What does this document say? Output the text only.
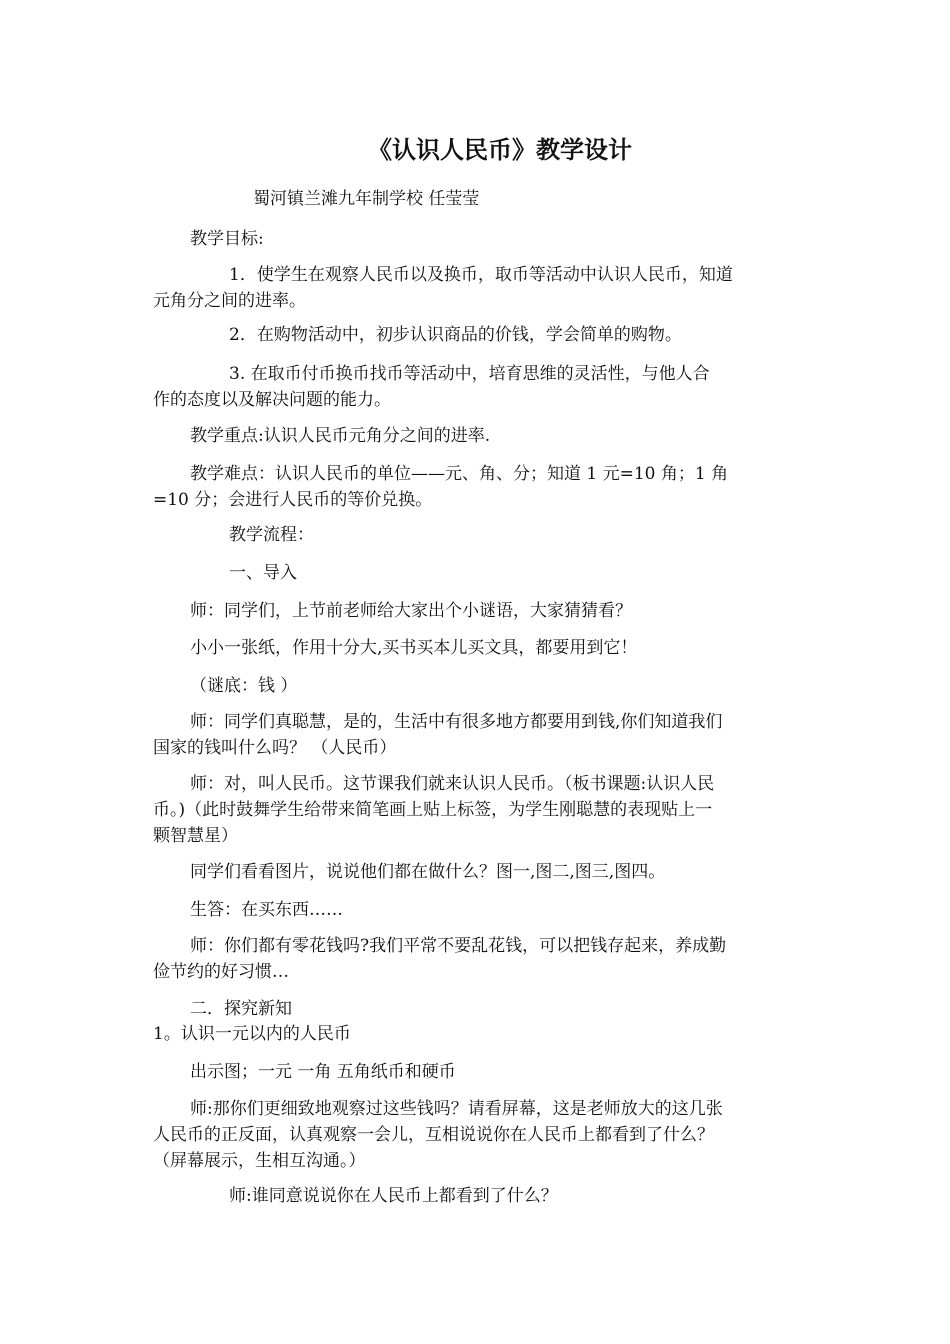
《认识人民币》教学设计
蜀河镇兰滩九年制学校 任莹莹
教学目标:
1．使学生在观察人民币以及换币，取币等活动中认识人民币，知道
元角分之间的进率。
2．在购物活动中，初步认识商品的价钱，学会简单的购物。
3. 在取币付币换币找币等活动中，培育思维的灵活性，与他人合
作的态度以及解决问题的能力。
教学重点:认识人民币元角分之间的进率.
教学难点：认识人民币的单位——元、角、分；知道 1 元=10 角；1 角
=10 分；会进行人民币的等价兑换。
教学流程：
一、导入
师：同学们，上节前老师给大家出个小谜语，大家猜猜看？
小小一张纸，作用十分大,买书买本儿买文具，都要用到它！
（谜底：钱 ）
师：同学们真聪慧，是的，生活中有很多地方都要用到钱,你们知道我们
国家的钱叫什么吗？ （人民币）
师：对，叫人民币。这节课我们就来认识人民币。（板书课题:认识人民
币。)（此时鼓舞学生给带来简笔画上贴上标签，为学生刚聪慧的表现贴上一
颗智慧星）
同学们看看图片，说说他们都在做什么？图一,图二,图三,图四。
生答：在买东西……
师：你们都有零花钱吗?我们平常不要乱花钱，可以把钱存起来，养成勤
俭节约的好习惯…
二．探究新知
1。认识一元以内的人民币
出示图；一元 一角 五角纸币和硬币
师:那你们更细致地观察过这些钱吗？请看屏幕，这是老师放大的这几张
人民币的正反面，认真观察一会儿，互相说说你在人民币上都看到了什么？
（屏幕展示，生相互沟通。）
师:谁同意说说你在人民币上都看到了什么？
